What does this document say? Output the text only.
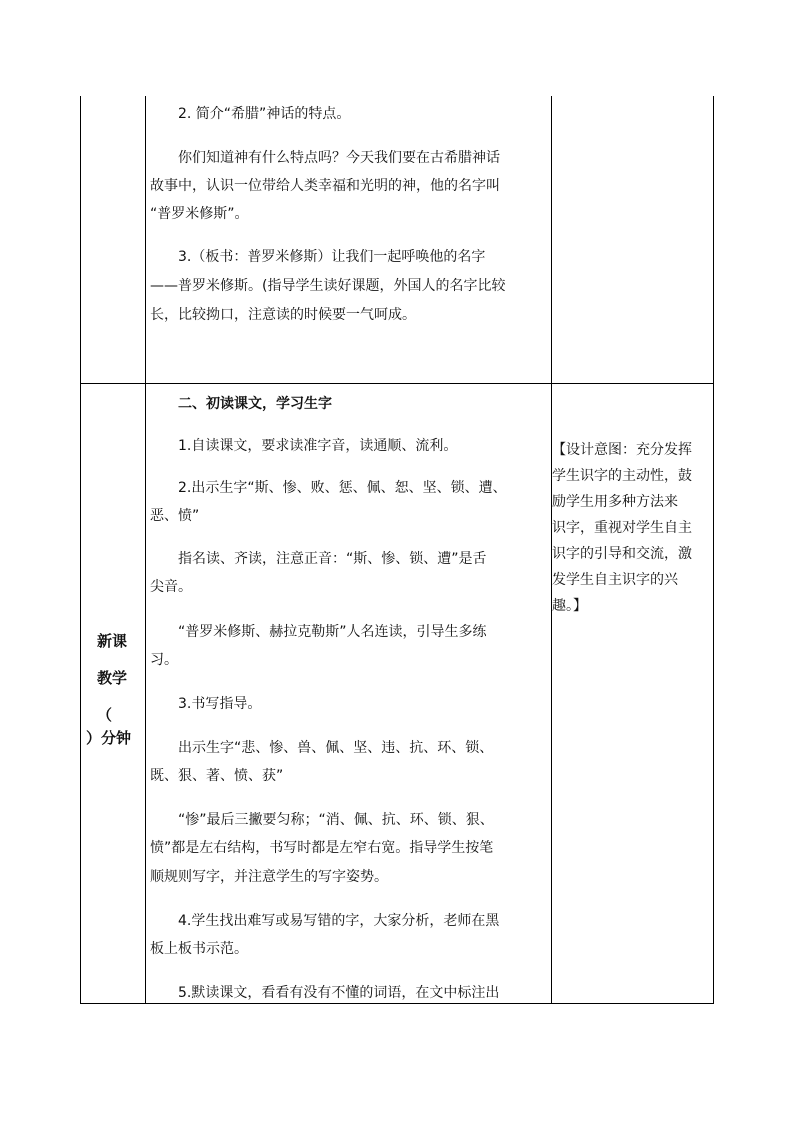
2. 简介“希腊”神话的特点。
你们知道神有什么特点吗？今天我们要在古希腊神话
故事中，认识一位带给人类幸福和光明的神，他的名字叫
“普罗米修斯”。
3.（板书：普罗米修斯）让我们一起呼唤他的名字
——普罗米修斯。(指导学生读好课题，外国人的名字比较
长，比较拗口，注意读的时候要一气呵成。
新课
教学
（
）分钟
二、初读课文，学习生字
1.自读课文，要求读准字音，读通顺、流利。
2.出示生字“斯、惨、败、惩、佩、恕、坚、锁、遭、
恶、愤”
指名读、齐读，注意正音：“斯、惨、锁、遭”是舌
尖音。
“普罗米修斯、赫拉克勒斯”人名连读，引导生多练
习。
3.书写指导。
出示生字“悲、惨、兽、佩、坚、违、抗、环、锁、
既、狠、著、愤、获”
“惨”最后三撇要匀称；“消、佩、抗、环、锁、狠、
愤”都是左右结构，书写时都是左窄右宽。指导学生按笔
顺规则写字，并注意学生的写字姿势。
4.学生找出难写或易写错的字，大家分析，老师在黑
板上板书示范。
5.默读课文，看看有没有不懂的词语，在文中标注出
【设计意图：充分发挥
学生识字的主动性，鼓
励学生用多种方法来
识字，重视对学生自主
识字的引导和交流，激
发学生自主识字的兴
趣。】
